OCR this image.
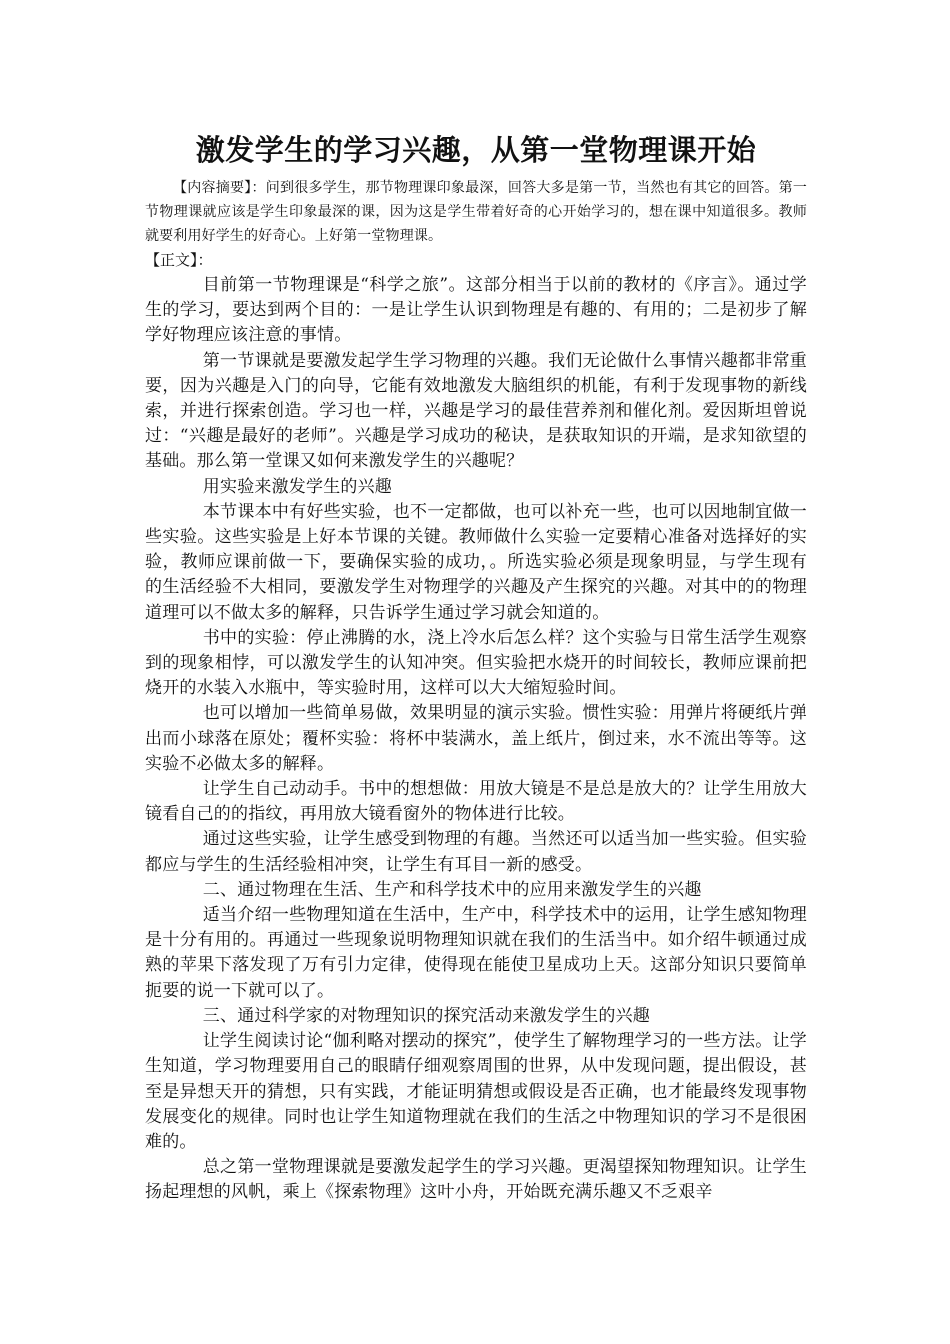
激发学生的学习兴趣，从第一堂物理课开始

【内容摘要】：问到很多学生，那节物理课印象最深，回答大多是第一节，当然也有其它的回答。第一节物理课就应该是学生印象最深的课，因为这是学生带着好奇的心开始学习的，想在课中知道很多。教师就要利用好学生的好奇心。上好第一堂物理课。

【正文】：

目前第一节物理课是“科学之旅”。这部分相当于以前的教材的《序言》。通过学生的学习，要达到两个目的：一是让学生认识到物理是有趣的、有用的；二是初步了解学好物理应该注意的事情。

第一节课就是要激发起学生学习物理的兴趣。我们无论做什么事情兴趣都非常重要，因为兴趣是入门的向导，它能有效地激发大脑组织的机能，有利于发现事物的新线索，并进行探索创造。学习也一样，兴趣是学习的最佳营养剂和催化剂。爱因斯坦曾说过：“兴趣是最好的老师”。兴趣是学习成功的秘诀，是获取知识的开端，是求知欲望的基础。那么第一堂课又如何来激发学生的兴趣呢？

用实验来激发学生的兴趣

本节课本中有好些实验，也不一定都做，也可以补充一些，也可以因地制宜做一些实验。这些实验是上好本节课的关键。教师做什么实验一定要精心准备对选择好的实验，教师应课前做一下，要确保实验的成功，。所选实验必须是现象明显，与学生现有的生活经验不大相同，要激发学生对物理学的兴趣及产生探究的兴趣。对其中的的物理道理可以不做太多的解释，只告诉学生通过学习就会知道的。

书中的实验：停止沸腾的水，浇上冷水后怎么样？这个实验与日常生活学生观察到的现象相悖，可以激发学生的认知冲突。但实验把水烧开的时间较长，教师应课前把烧开的水装入水瓶中，等实验时用，这样可以大大缩短验时间。

也可以增加一些简单易做，效果明显的演示实验。惯性实验：用弹片将硬纸片弹出而小球落在原处；覆杯实验：将杯中装满水，盖上纸片，倒过来，水不流出等等。这实验不必做太多的解释。

让学生自己动动手。书中的想想做：用放大镜是不是总是放大的？让学生用放大镜看自己的的指纹，再用放大镜看窗外的物体进行比较。

通过这些实验，让学生感受到物理的有趣。当然还可以适当加一些实验。但实验都应与学生的生活经验相冲突，让学生有耳目一新的感受。

二、通过物理在生活、生产和科学技术中的应用来激发学生的兴趣

适当介绍一些物理知道在生活中，生产中，科学技术中的运用，让学生感知物理是十分有用的。再通过一些现象说明物理知识就在我们的生活当中。如介绍牛顿通过成熟的苹果下落发现了万有引力定律，使得现在能使卫星成功上天。这部分知识只要简单扼要的说一下就可以了。

三、通过科学家的对物理知识的探究活动来激发学生的兴趣

让学生阅读讨论“伽利略对摆动的探究”，使学生了解物理学习的一些方法。让学生知道，学习物理要用自己的眼睛仔细观察周围的世界，从中发现问题，提出假设，甚至是异想天开的猜想，只有实践，才能证明猜想或假设是否正确，也才能最终发现事物发展变化的规律。同时也让学生知道物理就在我们的生活之中物理知识的学习不是很困难的。

总之第一堂物理课就是要激发起学生的学习兴趣。更渴望探知物理知识。让学生扬起理想的风帆，乘上《探索物理》这叶小舟，开始既充满乐趣又不乏艰辛
